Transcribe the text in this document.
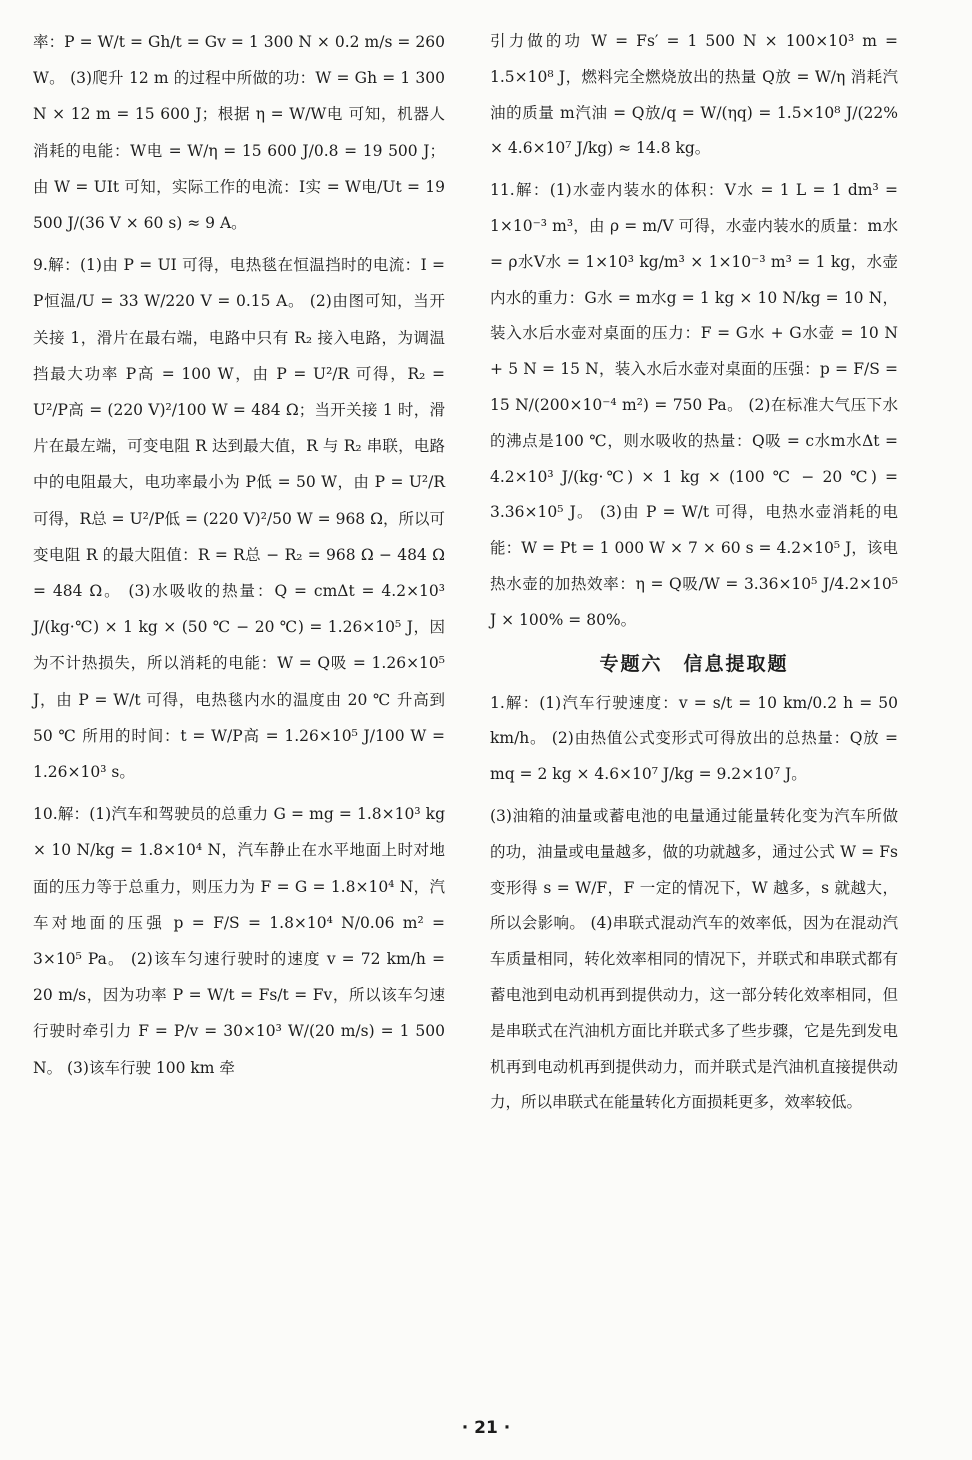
率：P = W/t = Gh/t = Gv = 1 300 N × 0.2 m/s = 260 W。 (3)爬升 12 m 的过程中所做的功：W = Gh = 1 300 N × 12 m = 15 600 J；根据 η = W/W电 可知，机器人消耗的电能：W电 = W/η = 15 600 J/0.8 = 19 500 J；由 W = UIt 可知，实际工作的电流：I实 = W电/Ut = 19 500 J/(36 V × 60 s) ≈ 9 A。

9.解：(1)由 P = UI 可得，电热毯在恒温挡时的电流：I = P恒温/U = 33 W/220 V = 0.15 A。 (2)由图可知，当开关接 1，滑片在最右端，电路中只有 R₂ 接入电路，为调温挡最大功率 P高 = 100 W，由 P = U²/R 可得，R₂ = U²/P高 = (220 V)²/100 W = 484 Ω；当开关接 1 时，滑片在最左端，可变电阻 R 达到最大值，R 与 R₂ 串联，电路中的电阻最大，电功率最小为 P低 = 50 W，由 P = U²/R 可得，R总 = U²/P低 = (220 V)²/50 W = 968 Ω，所以可变电阻 R 的最大阻值：R = R总 − R₂ = 968 Ω − 484 Ω = 484 Ω。 (3)水吸收的热量：Q = cmΔt = 4.2×10³ J/(kg·℃) × 1 kg × (50 ℃ − 20 ℃) = 1.26×10⁵ J，因为不计热损失，所以消耗的电能：W = Q吸 = 1.26×10⁵ J，由 P = W/t 可得，电热毯内水的温度由 20 ℃ 升高到 50 ℃ 所用的时间：t = W/P高 = 1.26×10⁵ J/100 W = 1.26×10³ s。

10.解：(1)汽车和驾驶员的总重力 G = mg = 1.8×10³ kg × 10 N/kg = 1.8×10⁴ N，汽车静止在水平地面上时对地面的压力等于总重力，则压力为 F = G = 1.8×10⁴ N，汽车对地面的压强 p = F/S = 1.8×10⁴ N/0.06 m² = 3×10⁵ Pa。 (2)该车匀速行驶时的速度 v = 72 km/h = 20 m/s，因为功率 P = W/t = Fs/t = Fv，所以该车匀速行驶时牵引力 F = P/v = 30×10³ W/(20 m/s) = 1 500 N。 (3)该车行驶 100 km 牵

引力做的功 W = Fs′ = 1 500 N × 100×10³ m = 1.5×10⁸ J，燃料完全燃烧放出的热量 Q放 = W/η 消耗汽油的质量 m汽油 = Q放/q = W/(ηq) = 1.5×10⁸ J/(22% × 4.6×10⁷ J/kg) ≈ 14.8 kg。

11.解：(1)水壶内装水的体积：V水 = 1 L = 1 dm³ = 1×10⁻³ m³，由 ρ = m/V 可得，水壶内装水的质量：m水 = ρ水V水 = 1×10³ kg/m³ × 1×10⁻³ m³ = 1 kg，水壶内水的重力：G水 = m水g = 1 kg × 10 N/kg = 10 N，装入水后水壶对桌面的压力：F = G水 + G水壶 = 10 N + 5 N = 15 N，装入水后水壶对桌面的压强：p = F/S = 15 N/(200×10⁻⁴ m²) = 750 Pa。 (2)在标准大气压下水的沸点是100 ℃，则水吸收的热量：Q吸 = c水m水Δt = 4.2×10³ J/(kg·℃) × 1 kg × (100 ℃ − 20 ℃) = 3.36×10⁵ J。 (3)由 P = W/t 可得，电热水壶消耗的电能：W = Pt = 1 000 W × 7 × 60 s = 4.2×10⁵ J，该电热水壶的加热效率：η = Q吸/W = 3.36×10⁵ J/4.2×10⁵ J × 100% = 80%。

专题六　信息提取题

1.解：(1)汽车行驶速度：v = s/t = 10 km/0.2 h = 50 km/h。 (2)由热值公式变形式可得放出的总热量：Q放 = mq = 2 kg × 4.6×10⁷ J/kg = 9.2×10⁷ J。

(3)油箱的油量或蓄电池的电量通过能量转化变为汽车所做的功，油量或电量越多，做的功就越多，通过公式 W = Fs 变形得 s = W/F，F 一定的情况下，W 越多，s 就越大，所以会影响。 (4)串联式混动汽车的效率低，因为在混动汽车质量相同，转化效率相同的情况下，并联式和串联式都有蓄电池到电动机再到提供动力，这一部分转化效率相同，但是串联式在汽油机方面比并联式多了些步骤，它是先到发电机再到电动机再到提供动力，而并联式是汽油机直接提供动力，所以串联式在能量转化方面损耗更多，效率较低。

· 21 ·
